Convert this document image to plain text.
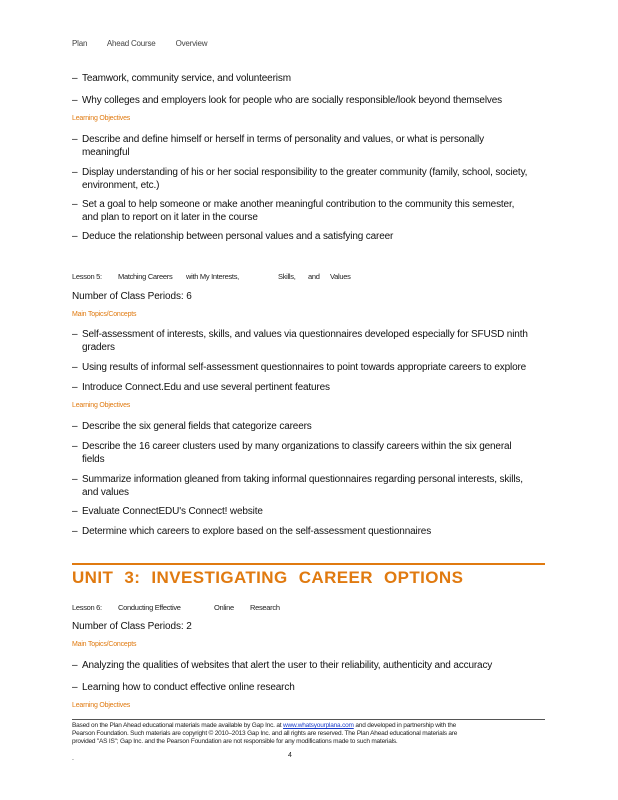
Plan Ahead Course	Overview
– Teamwork, community service, and volunteerism
– Why colleges and employers look for people who are socially responsible/look beyond themselves
Learning Objectives
– Describe and define himself or herself in terms of personality and values, or what is personally meaningful
– Display understanding of his or her social responsibility to the greater community (family, school, society, environment, etc.)
– Set a goal to help someone or make another meaningful contribution to the community this semester, and plan to report on it later in the course
– Deduce the relationship between personal values and a satisfying career
Lesson 5: Matching Careers with My Interests,	Skills, and Values
Number of Class Periods: 6
Main Topics/Concepts
– Self-assessment of interests, skills, and values via questionnaires developed especially for SFUSD ninth graders
– Using results of informal self-assessment questionnaires to point towards appropriate careers to explore
– Introduce Connect.Edu and use several pertinent features
Learning Objectives
– Describe the six general fields that categorize careers
– Describe the 16 career clusters used by many organizations to classify careers within the six general fields
– Summarize information gleaned from taking informal questionnaires regarding personal interests, skills, and values
– Evaluate ConnectEDU's Connect! website
– Determine which careers to explore based on the self-assessment questionnaires
UNIT 3: INVESTIGATING CAREER OPTIONS
Lesson 6: Conducting Effective	Online Research
Number of Class Periods: 2
Main Topics/Concepts
– Analyzing the qualities of websites that alert the user to their reliability, authenticity and accuracy
– Learning how to conduct effective online research
Learning Objectives
Based on the Plan Ahead educational materials made available by Gap Inc. at www.whatsyourplana.com and developed in partnership with the
Pearson Foundation. Such materials are copyright © 2010–2013 Gap Inc. and all rights are reserved. The Plan Ahead educational materials are
provided "AS IS"; Gap Inc. and the Pearson Foundation are not responsible for any modifications made to such materials.
.	4
